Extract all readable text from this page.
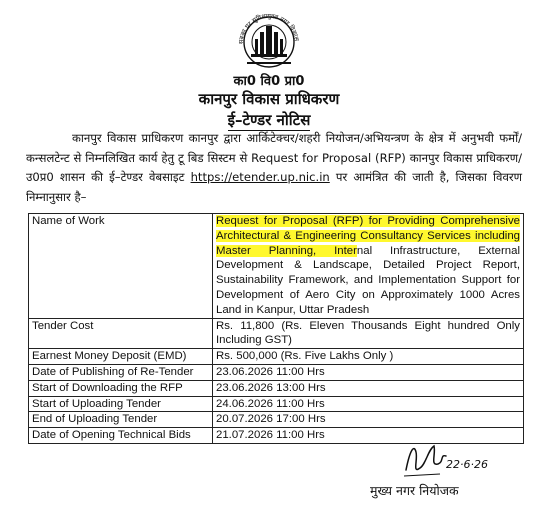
सबका घर सुविधायुक्त नगर विकास
का0 वि0 प्रा0
कानपुर विकास प्राधिकरण
ई–टेण्डर नोटिस

कानपुर विकास प्राधिकरण कानपुर द्वारा आर्किटेक्चर/शहरी नियोजन/अभियन्त्रण के क्षेत्र में अनुभवी फर्मों/कन्सलटेन्ट से निम्नलिखित कार्य हेतु टू बिड सिस्टम से Request for Proposal (RFP) कानपुर विकास प्राधिकरण/उ0प्र0 शासन की ई–टेण्डर वेबसाइट https://etender.up.nic.in पर आमंत्रित की जाती है, जिसका विवरण निम्नानुसार है–

Name of Work	Request for Proposal (RFP) for Providing Comprehensive Architectural & Engineering Consultancy Services including Master Planning, Internal Infrastructure, External Development & Landscape, Detailed Project Report, Sustainability Framework, and Implementation Support for Development of Aero City on Approximately 1000 Acres Land in Kanpur, Uttar Pradesh
Tender Cost	Rs. 11,800 (Rs. Eleven Thousands Eight hundred Only Including GST)
Earnest Money Deposit (EMD)	Rs. 500,000 (Rs. Five Lakhs Only )
Date of Publishing of Re-Tender	23.06.2026 11:00 Hrs
Start of Downloading the RFP	23.06.2026 13:00 Hrs
Start of Uploading Tender	24.06.2026 11:00 Hrs
End of Uploading Tender	20.07.2026 17:00 Hrs
Date of Opening Technical Bids	21.07.2026 11:00 Hrs
22·6·26
मुख्य नगर नियोजक
